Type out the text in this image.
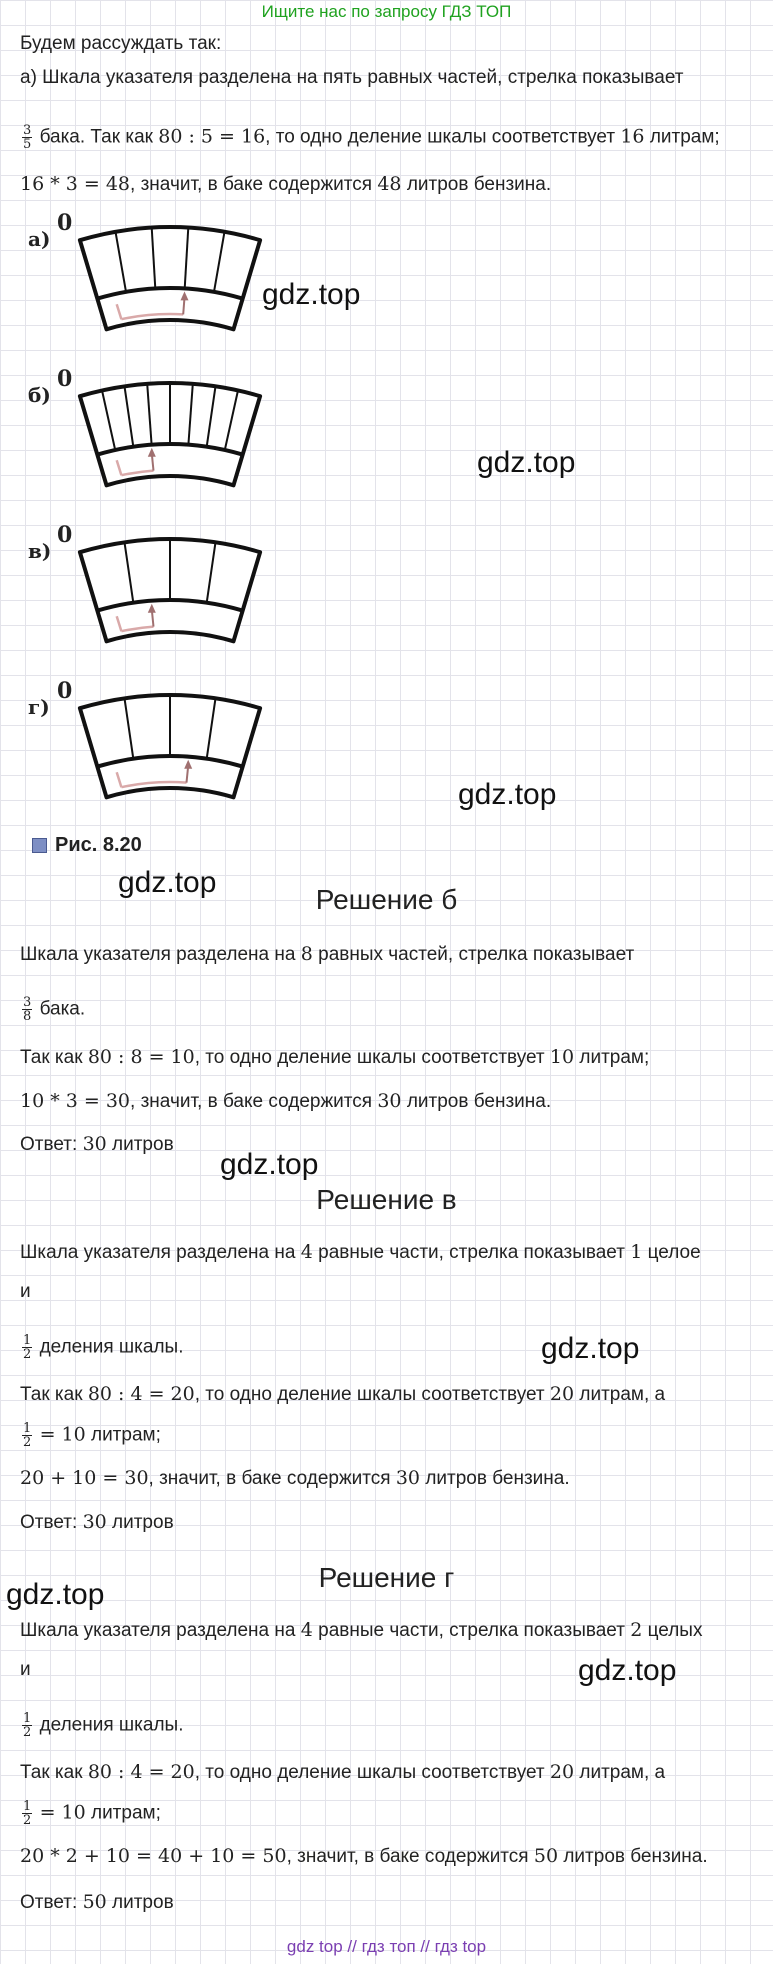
Ищите нас по запросу ГДЗ ТОП
Будем рассуждать так:
а) Шкала указателя разделена на пять равных частей, стрелка показывает
$\frac{3}{5}$ бака. Так как 80 : 5 = 16, то одно деление шкалы соответствует 16 литрам;
16 * 3 = 48, значит, в баке содержится 48 литров бензина.
а)
0
б)
0
в)
0
г)
0
Рис. 8.20
gdz.top
gdz.top
gdz.top
gdz.top
gdz.top
gdz.top
gdz.top
gdz.top
Решение б
Шкала указателя разделена на 8 равных частей, стрелка показывает
$\frac{3}{8}$ бака.
Так как 80 : 8 = 10, то одно деление шкалы соответствует 10 литрам;
10 * 3 = 30, значит, в баке содержится 30 литров бензина.
Ответ: 30 литров
Решение в
Шкала указателя разделена на 4 равные части, стрелка показывает 1 целое
и
$\frac{1}{2}$ деления шкалы.
Так как 80 : 4 = 20, то одно деление шкалы соответствует 20 литрам, а
$\frac{1}{2} = 10$ литрам;
20 + 10 = 30, значит, в баке содержится 30 литров бензина.
Ответ: 30 литров
Решение г
Шкала указателя разделена на 4 равные части, стрелка показывает 2 целых
и
$\frac{1}{2}$ деления шкалы.
Так как 80 : 4 = 20, то одно деление шкалы соответствует 20 литрам, а
$\frac{1}{2} = 10$ литрам;
20 * 2 + 10 = 40 + 10 = 50, значит, в баке содержится 50 литров бензина.
Ответ: 50 литров
gdz top // гдз топ // гдз top
